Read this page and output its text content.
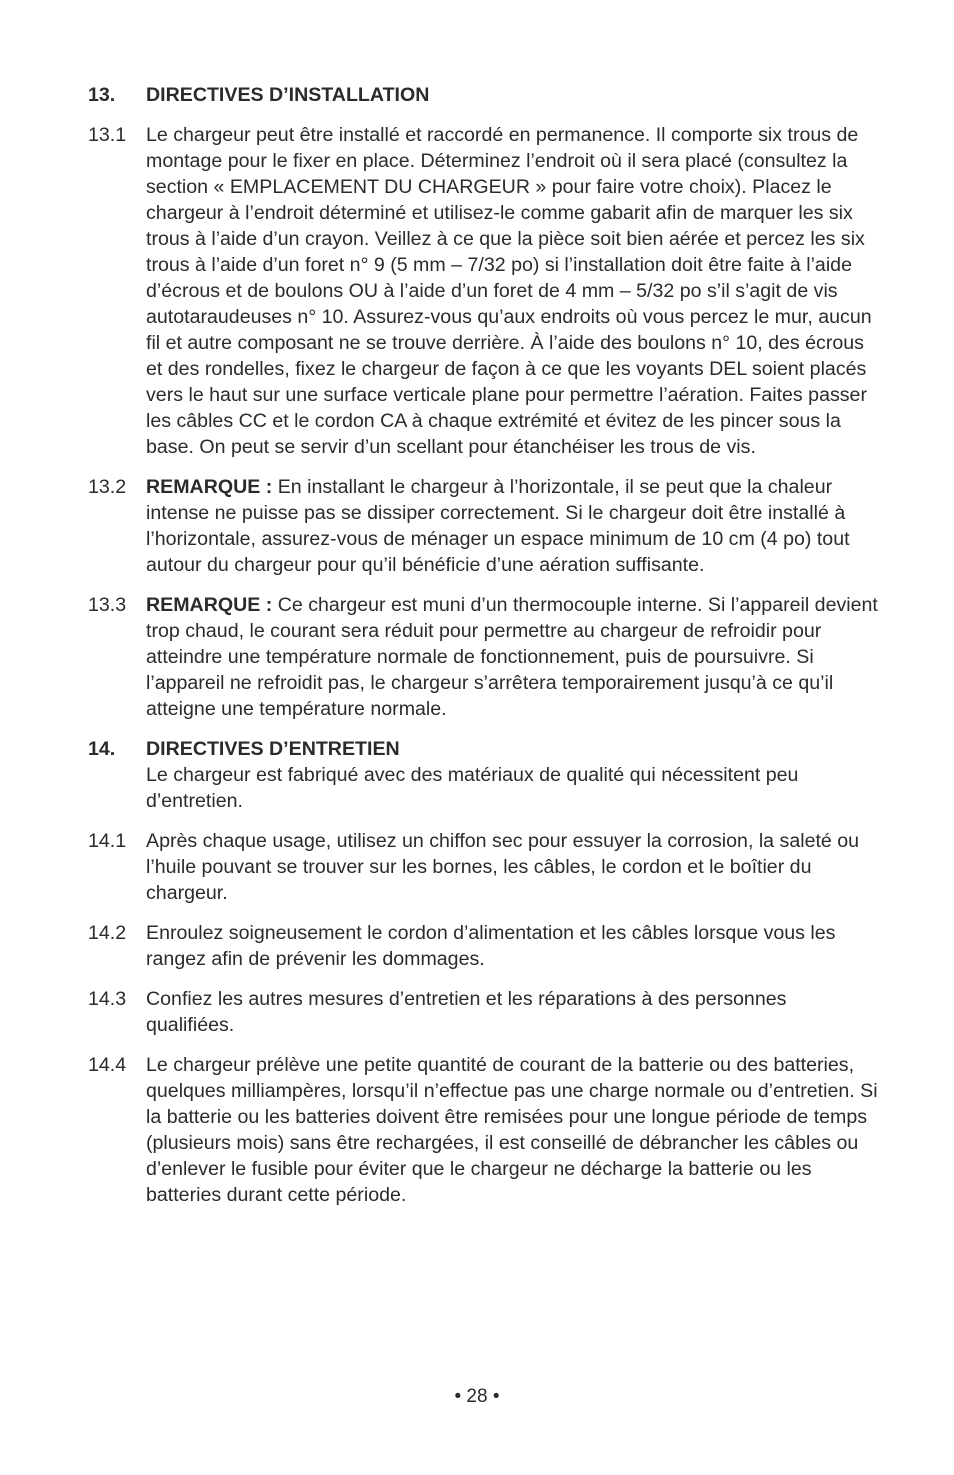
13.	DIRECTIVES D’INSTALLATION
13.1	Le chargeur peut être installé et raccordé en permanence. Il comporte six trous de montage pour le fixer en place. Déterminez l’endroit où il sera placé (consultez la section « EMPLACEMENT DU CHARGEUR » pour faire votre choix). Placez le chargeur à l’endroit déterminé et utilisez-le comme gabarit afin de marquer les six trous à l’aide d’un crayon. Veillez à ce que la pièce soit bien aérée et percez les six trous à l’aide d’un foret n° 9 (5 mm – 7/32 po) si l’installation doit être faite à l’aide d’écrous et de boulons OU à l’aide d’un foret de 4 mm – 5/32 po s’il s’agit de vis autotaraudeuses n° 10. Assurez-vous qu’aux endroits où vous percez le mur, aucun fil et autre composant ne se trouve derrière. À l’aide des boulons n° 10, des écrous et des rondelles, fixez le chargeur de façon à ce que les voyants DEL soient placés vers le haut sur une surface verticale plane pour permettre l’aération. Faites passer les câbles CC et le cordon CA à chaque extrémité et évitez de les pincer sous la base. On peut se servir d’un scellant pour étanchéiser les trous de vis.
13.2	REMARQUE : En installant le chargeur à l’horizontale, il se peut que la chaleur intense ne puisse pas se dissiper correctement. Si le chargeur doit être installé à l’horizontale, assurez-vous de ménager un espace minimum de 10 cm (4 po) tout autour du chargeur pour qu’il bénéficie d’une aération suffisante.
13.3	REMARQUE : Ce chargeur est muni d’un thermocouple interne. Si l’appareil devient trop chaud, le courant sera réduit pour permettre au chargeur de refroidir pour atteindre une température normale de fonctionnement, puis de poursuivre. Si l’appareil ne refroidit pas, le chargeur s’arrêtera temporairement jusqu’à ce qu’il atteigne une température normale.
14.	DIRECTIVES D’ENTRETIEN
Le chargeur est fabriqué avec des matériaux de qualité qui nécessitent peu d’entretien.
14.1	Après chaque usage, utilisez un chiffon sec pour essuyer la corrosion, la saleté ou l’huile pouvant se trouver sur les bornes, les câbles, le cordon et le boîtier du chargeur.
14.2	Enroulez soigneusement le cordon d’alimentation et les câbles lorsque vous les rangez afin de prévenir les dommages.
14.3	Confiez les autres mesures d’entretien et les réparations à des personnes qualifiées.
14.4	Le chargeur prélève une petite quantité de courant de la batterie ou des batteries, quelques milliampères, lorsqu’il n’effectue pas une charge normale ou d’entretien. Si la batterie ou les batteries doivent être remisées pour une longue période de temps (plusieurs mois) sans être rechargées, il est conseillé de débrancher les câbles ou d’enlever le fusible pour éviter que le chargeur ne décharge la batterie ou les batteries durant cette période.
• 28 •
